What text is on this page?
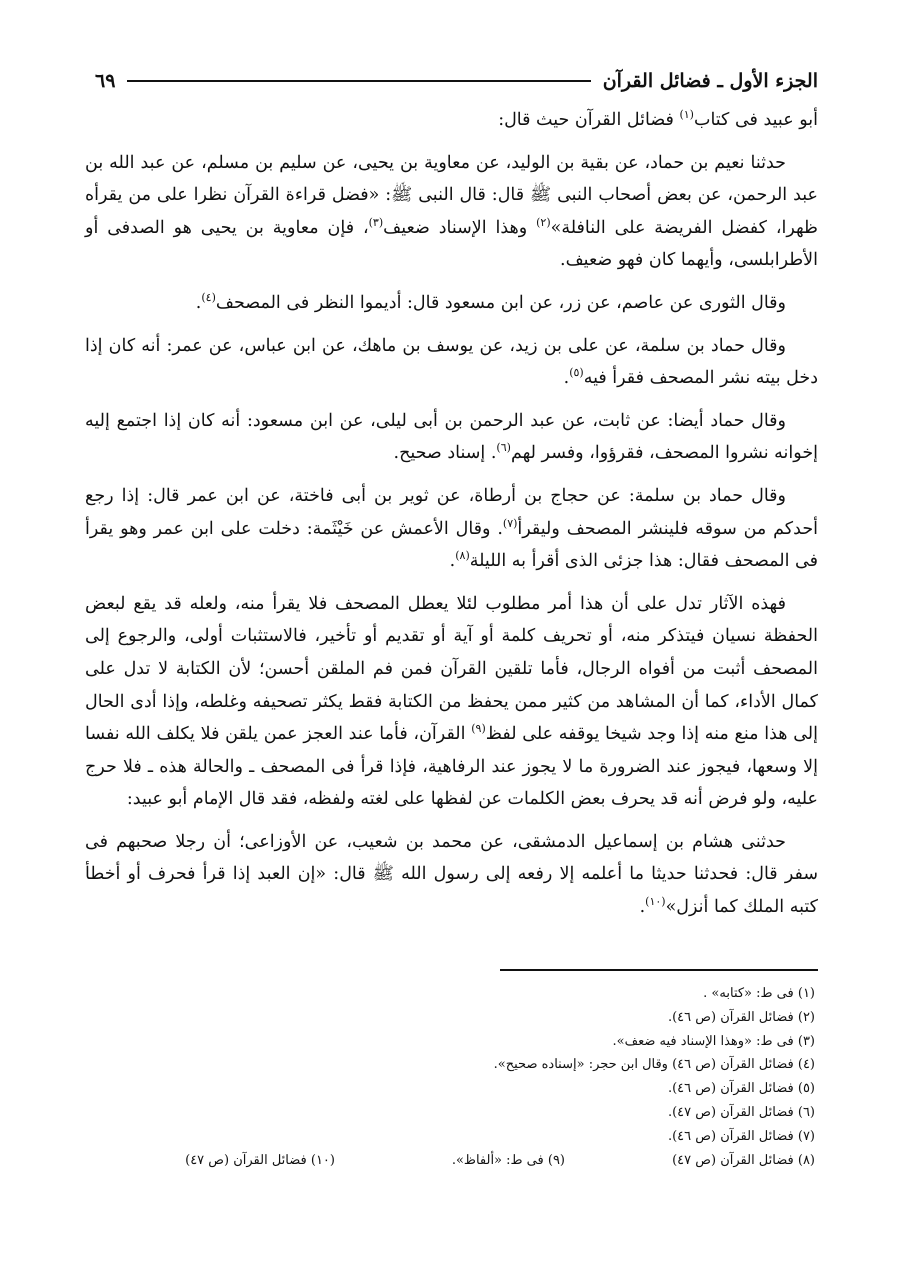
الجزء الأول ـ فضائل القرآن
٦٩

أبو عبيد فى كتاب$^{(١)}$ فضائل القرآن حيث قال:

حدثنا نعيم بن حماد، عن بقية بن الوليد، عن معاوية بن يحيى، عن سليم بن مسلم، عن عبد الله بن عبد الرحمن، عن بعض أصحاب النبى ﷺ قال: قال النبى ﷺ: «فضل قراءة القرآن نظرا على من يقرأه ظهرا، كفضل الفريضة على النافلة»$^{(٢)}$ وهذا الإسناد ضعيف$^{(٣)}$، فإن معاوية بن يحيى هو الصدفى أو الأطرابلسى، وأيهما كان فهو ضعيف.

وقال الثورى عن عاصم، عن زر، عن ابن مسعود قال: أديموا النظر فى المصحف$^{(٤)}$.

وقال حماد بن سلمة، عن على بن زيد، عن يوسف بن ماهك، عن ابن عباس، عن عمر: أنه كان إذا دخل بيته نشر المصحف فقرأ فيه$^{(٥)}$.

وقال حماد أيضا: عن ثابت، عن عبد الرحمن بن أبى ليلى، عن ابن مسعود: أنه كان إذا اجتمع إليه إخوانه نشروا المصحف، فقرؤوا، وفسر لهم$^{(٦)}$. إسناد صحيح.

وقال حماد بن سلمة: عن حجاج بن أرطاة، عن ثوير بن أبى فاختة، عن ابن عمر قال: إذا رجع أحدكم من سوقه فلينشر المصحف وليقرأ$^{(٧)}$. وقال الأعمش عن خَيْثَمة: دخلت على ابن عمر وهو يقرأ فى المصحف فقال: هذا جزئى الذى أقرأ به الليلة$^{(٨)}$.

فهذه الآثار تدل على أن هذا أمر مطلوب لئلا يعطل المصحف فلا يقرأ منه، ولعله قد يقع لبعض الحفظة نسيان فيتذكر منه، أو تحريف كلمة أو آية أو تقديم أو تأخير، فالاستثبات أولى، والرجوع إلى المصحف أثبت من أفواه الرجال، فأما تلقين القرآن فمن فم الملقن أحسن؛ لأن الكتابة لا تدل على كمال الأداء، كما أن المشاهد من كثير ممن يحفظ من الكتابة فقط يكثر تصحيفه وغلطه، وإذا أدى الحال إلى هذا منع منه إذا وجد شيخا يوقفه على لفظ$^{(٩)}$ القرآن، فأما عند العجز عمن يلقن فلا يكلف الله نفسا إلا وسعها، فيجوز عند الضرورة ما لا يجوز عند الرفاهية، فإذا قرأ فى المصحف ـ والحالة هذه ـ فلا حرج عليه، ولو فرض أنه قد يحرف بعض الكلمات عن لفظها على لغته ولفظه، فقد قال الإمام أبو عبيد:

حدثنى هشام بن إسماعيل الدمشقى، عن محمد بن شعيب، عن الأوزاعى؛ أن رجلا صحبهم فى سفر قال: فحدثنا حديثا ما أعلمه إلا رفعه إلى رسول الله ﷺ قال: «إن العبد إذا قرأ فحرف أو أخطأ كتبه الملك كما أنزل»$^{(١٠)}$.

(١) فى ط: «كتابه» .
(٢) فضائل القرآن (ص ٤٦).
(٣) فى ط: «وهذا الإسناد فيه ضعف».
(٤) فضائل القرآن (ص ٤٦) وقال ابن حجر: «إسناده صحيح».
(٥) فضائل القرآن (ص ٤٦).
(٦) فضائل القرآن (ص ٤٧).
(٧) فضائل القرآن (ص ٤٦).
(٨) فضائل القرآن (ص ٤٧)
(٩) فى ط: «ألفاظ».
(١٠) فضائل القرآن (ص ٤٧)
